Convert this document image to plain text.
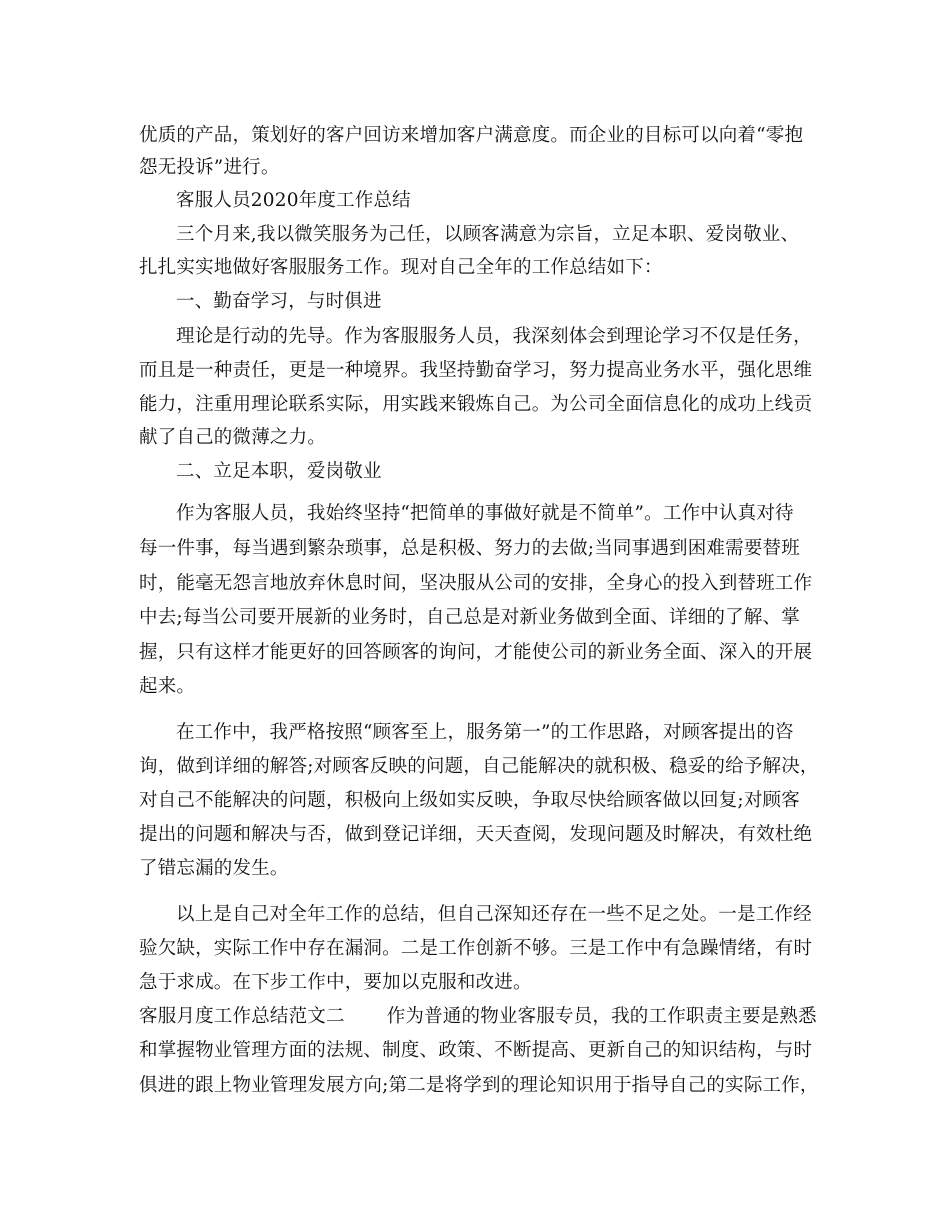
优质的产品，策划好的客户回访来增加客户满意度。而企业的目标可以向着“零抱
怨无投诉”进行。
客服人员2020年度工作总结
三个月来,我以微笑服务为己任，以顾客满意为宗旨，立足本职、爱岗敬业、
扎扎实实地做好客服服务工作。现对自己全年的工作总结如下：
一、勤奋学习，与时俱进
理论是行动的先导。作为客服服务人员，我深刻体会到理论学习不仅是任务，
而且是一种责任，更是一种境界。我坚持勤奋学习，努力提高业务水平，强化思维
能力，注重用理论联系实际，用实践来锻炼自己。为公司全面信息化的成功上线贡
献了自己的微薄之力。
二、立足本职，爱岗敬业
作为客服人员，我始终坚持“把简单的事做好就是不简单”。工作中认真对待
每一件事，每当遇到繁杂琐事，总是积极、努力的去做;当同事遇到困难需要替班
时，能毫无怨言地放弃休息时间，坚决服从公司的安排，全身心的投入到替班工作
中去;每当公司要开展新的业务时，自己总是对新业务做到全面、详细的了解、掌
握，只有这样才能更好的回答顾客的询问，才能使公司的新业务全面、深入的开展
起来。
在工作中，我严格按照“顾客至上，服务第一”的工作思路，对顾客提出的咨
询，做到详细的解答;对顾客反映的问题，自己能解决的就积极、稳妥的给予解决，
对自己不能解决的问题，积极向上级如实反映，争取尽快给顾客做以回复;对顾客
提出的问题和解决与否，做到登记详细，天天查阅，发现问题及时解决，有效杜绝
了错忘漏的发生。
以上是自己对全年工作的总结，但自己深知还存在一些不足之处。一是工作经
验欠缺，实际工作中存在漏洞。二是工作创新不够。三是工作中有急躁情绪，有时
急于求成。在下步工作中，要加以克服和改进。
客服月度工作总结范文二 作为普通的物业客服专员，我的工作职责主要是熟悉
和掌握物业管理方面的法规、制度、政策、不断提高、更新自己的知识结构，与时
俱进的跟上物业管理发展方向;第二是将学到的理论知识用于指导自己的实际工作，
